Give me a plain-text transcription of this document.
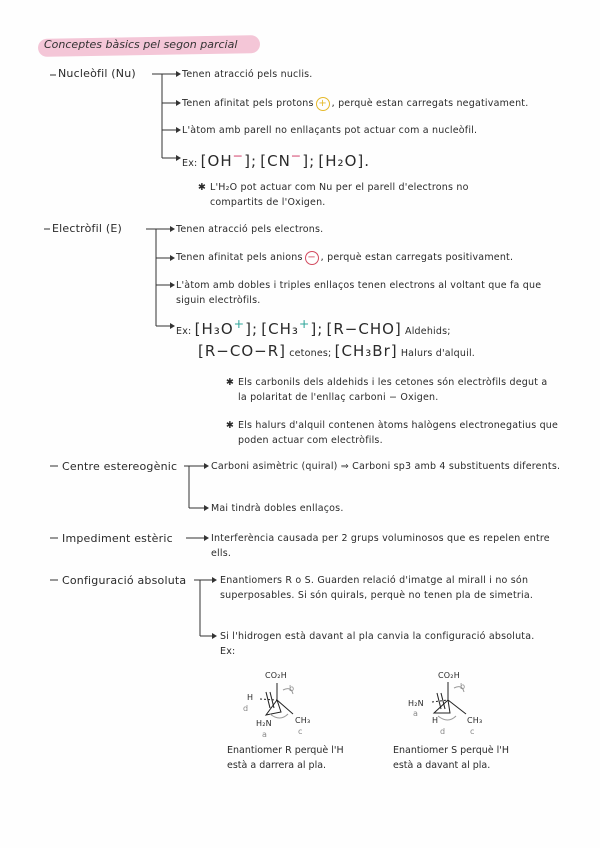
Conceptes bàsics pel segon parcial
Nucleòfil (Nu)	Tenen atracció pels nuclis.
Tenen afinitat pels protons + , perquè estan carregats negativament.
L'àtom amb parell no enllaçants pot actuar com a nucleòfil.
Ex: [OH−]; [CN−]; [H₂O].
✱ L'H₂O pot actuar com Nu per el parell d'electrons no compartits de l'Oxigen.
Electròfil (E)	Tenen atracció pels electrons.
Tenen afinitat pels anions − , perquè estan carregats positivament.
L'àtom amb dobles i triples enllaços tenen electrons al voltant que fa que siguin electròfils.
Ex: [H₃O+]; [CH₃+]; [R−CHO] Aldehids;
[R−CO−R] cetones; [CH₃Br] Halurs d'alquil.
✱ Els carbonils dels aldehids i les cetones són electròfils degut a la polaritat de l'enllaç carboni − Oxigen.
✱ Els halurs d'alquil contenen àtoms halògens electronegatius que poden actuar com electròfils.
Centre estereogènic	Carboni asimètric (quiral) ⇒ Carboni sp3 amb 4 substituents diferents.
Mai tindrà dobles enllaços.
Impediment estèric	Interferència causada per 2 grups voluminosos que es repelen entre ells.
Configuració absoluta	Enantiomers R o S. Guarden relació d'imatge al mirall i no són superposables. Si són quirals, perquè no tenen pla de simetria.
Si l'hidrogen està davant al pla canvia la configuració absoluta. Ex:
CO₂H
H
H₂N	CH₃
b
d
a	c
CO₂H
H₂N
H	CH₃
b
a
d	c
Enantiomer R perquè l'H està a darrera al pla.
Enantiomer S perquè l'H està a davant al pla.
